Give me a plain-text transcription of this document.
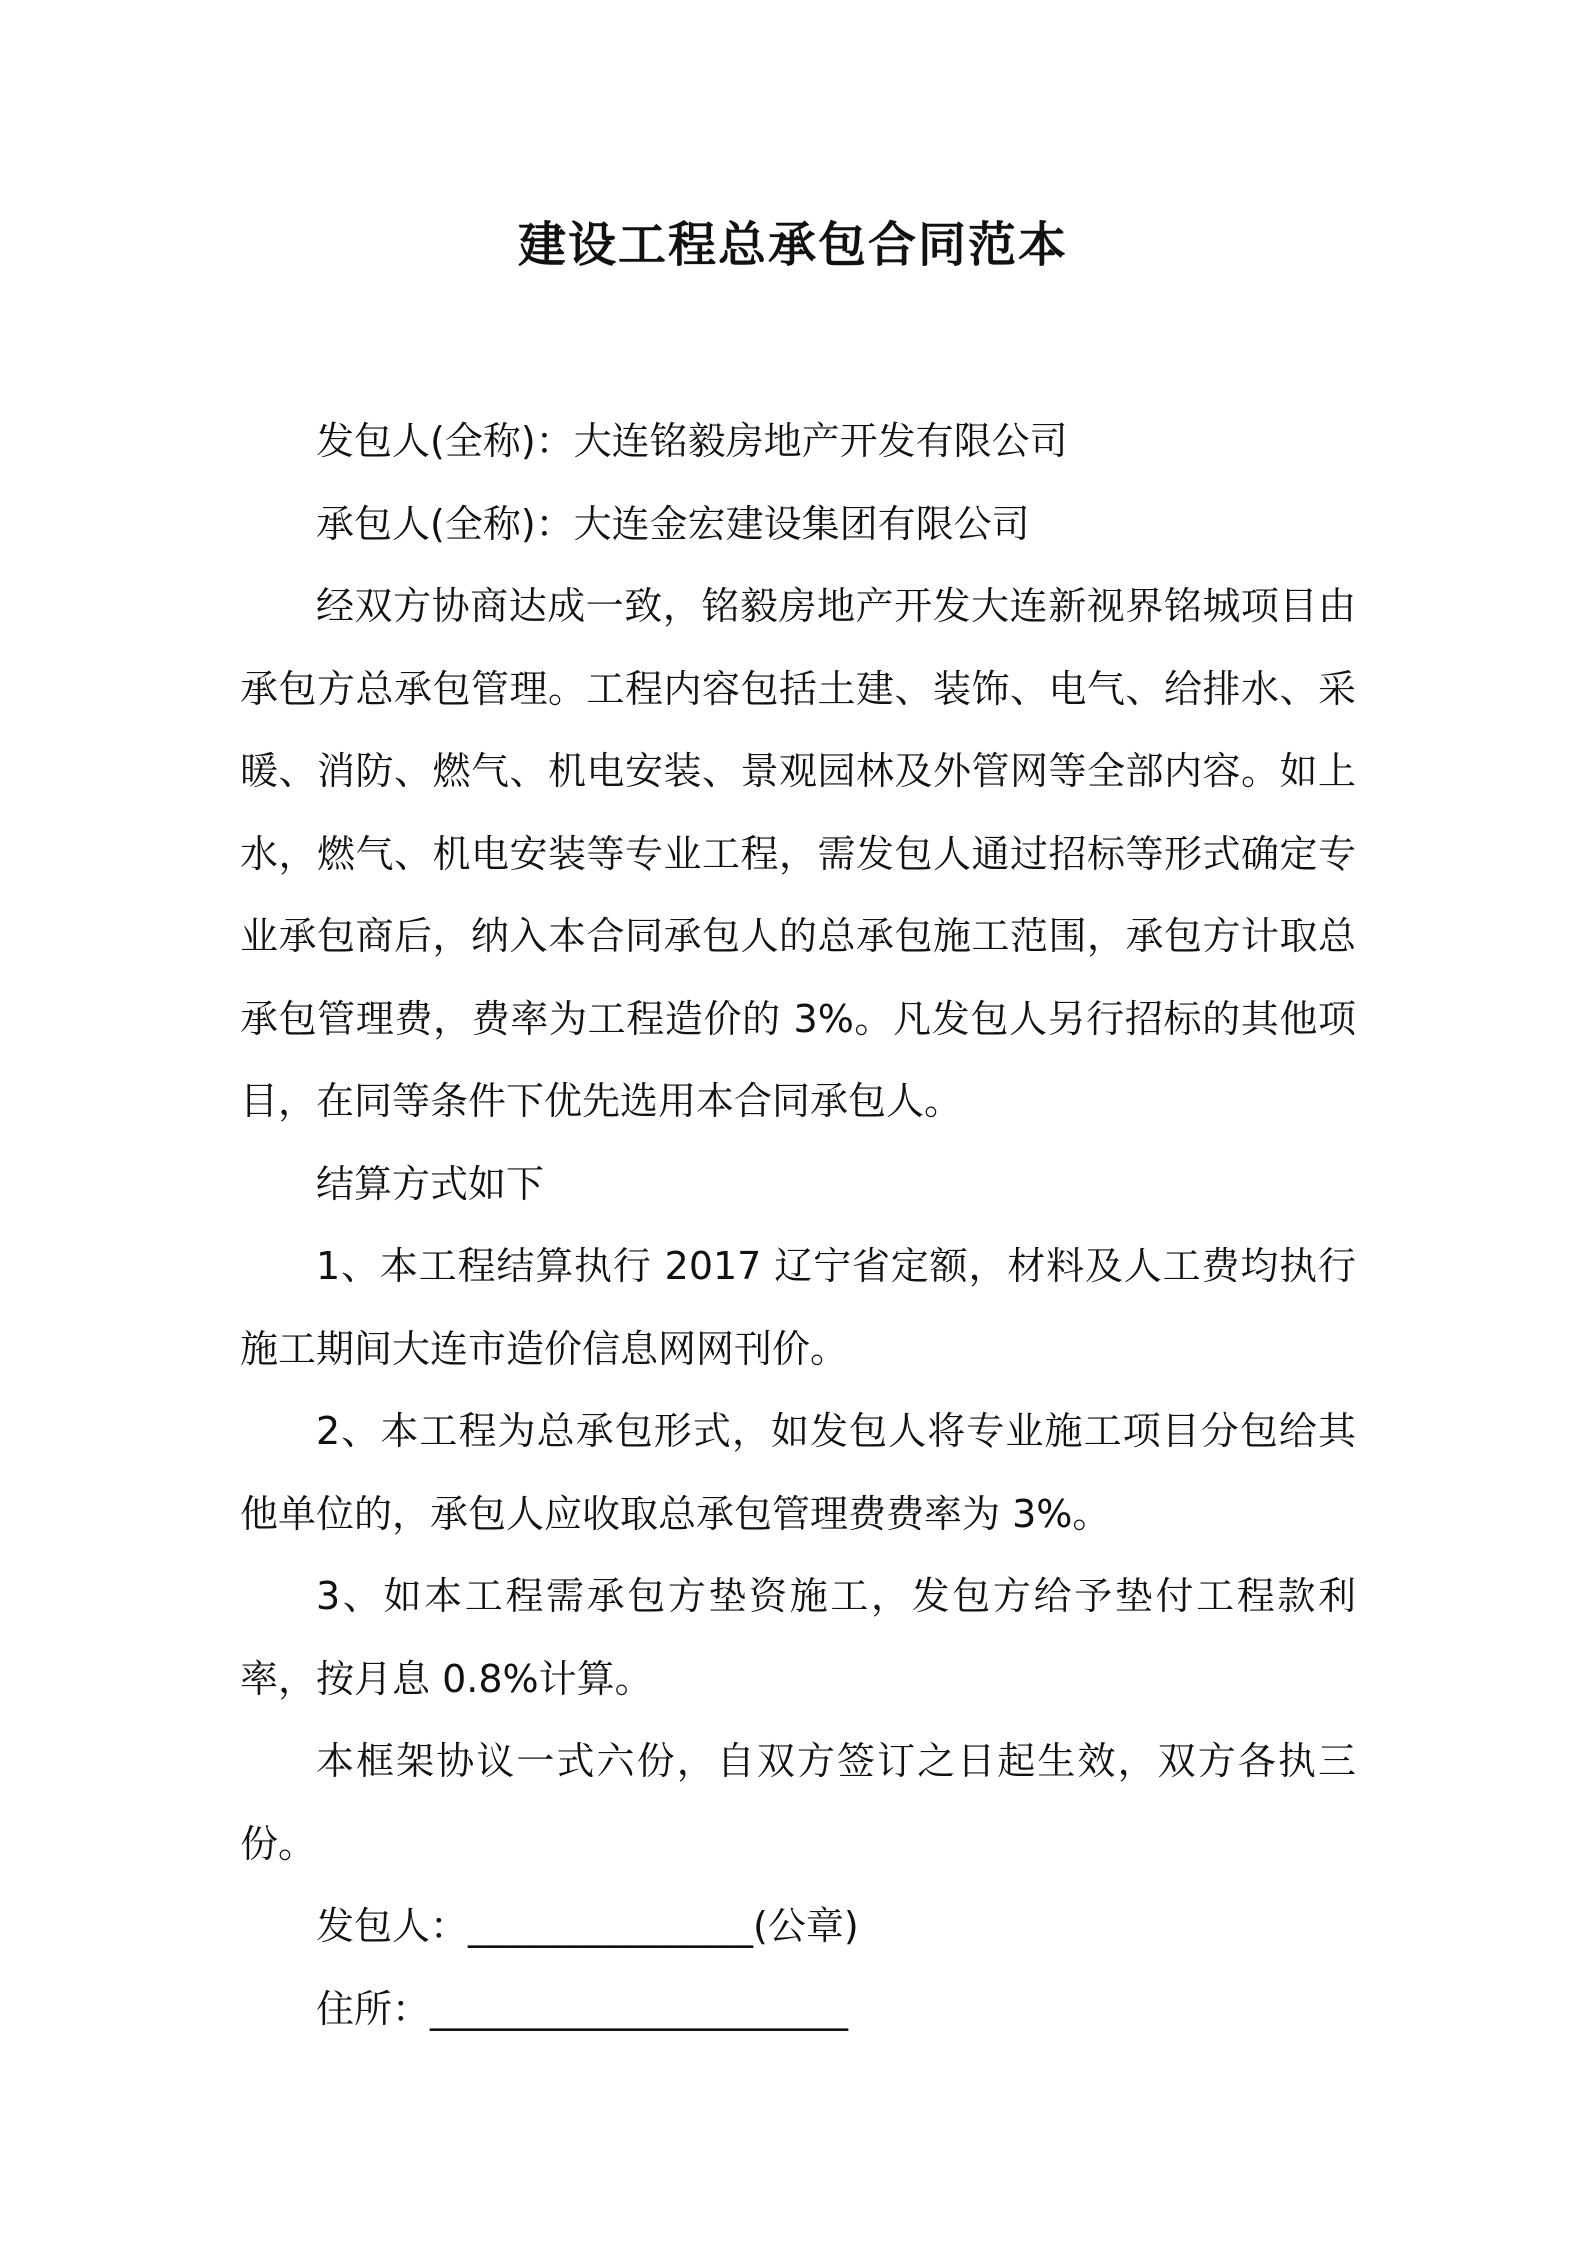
建设工程总承包合同范本

发包人(全称)：大连铭毅房地产开发有限公司

承包人(全称)：大连金宏建设集团有限公司

经双方协商达成一致，铭毅房地产开发大连新视界铭城项目由承包方总承包管理。工程内容包括土建、装饰、电气、给排水、采暖、消防、燃气、机电安装、景观园林及外管网等全部内容。如上水，燃气、机电安装等专业工程，需发包人通过招标等形式确定专业承包商后，纳入本合同承包人的总承包施工范围，承包方计取总承包管理费，费率为工程造价的 3%。凡发包人另行招标的其他项目，在同等条件下优先选用本合同承包人。

结算方式如下

1、本工程结算执行 2017 辽宁省定额，材料及人工费均执行施工期间大连市造价信息网网刊价。

2、本工程为总承包形式，如发包人将专业施工项目分包给其他单位的，承包人应收取总承包管理费费率为 3%。

3、如本工程需承包方垫资施工，发包方给予垫付工程款利率，按月息 0.8%计算。

本框架协议一式六份，自双方签订之日起生效，双方各执三份。

发包人：_______________(公章)

住所：______________________
